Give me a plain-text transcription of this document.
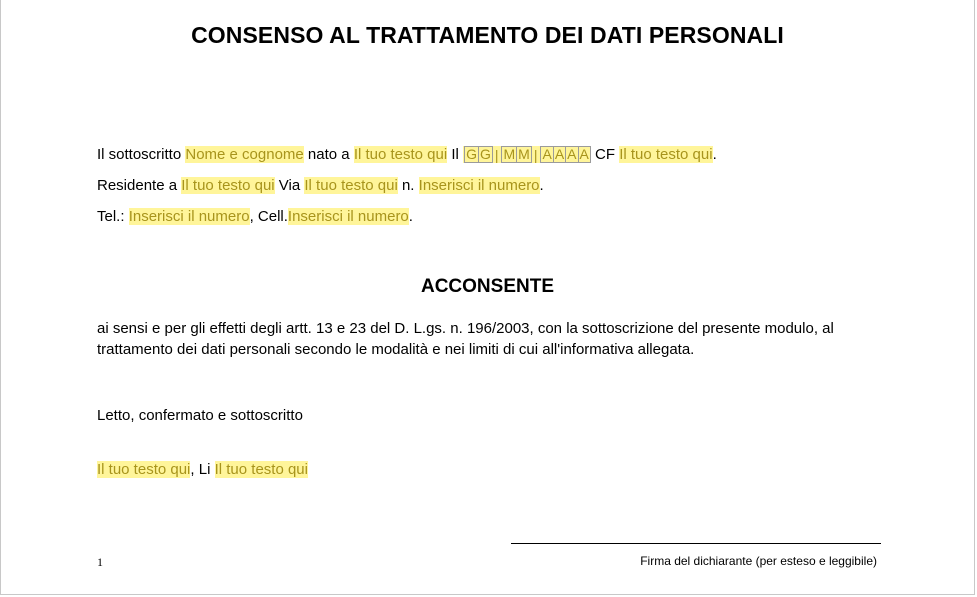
CONSENSO AL TRATTAMENTO DEI DATI PERSONALI
Il sottoscritto Nome e cognome nato a Il tuo testo qui Il G G | M M | A A A A CF Il tuo testo qui.
Residente a Il tuo testo qui Via Il tuo testo qui n. Inserisci il numero.
Tel.: Inserisci il numero, Cell.Inserisci il numero.
ACCONSENTE
ai sensi e per gli effetti degli artt. 13 e 23 del D. L.gs. n. 196/2003, con la sottoscrizione del presente modulo, al trattamento dei dati personali secondo le modalità e nei limiti di cui all'informativa allegata.
Letto, confermato e sottoscritto
Il tuo testo qui, Li Il tuo testo qui
1	Firma del dichiarante (per esteso e leggibile)
